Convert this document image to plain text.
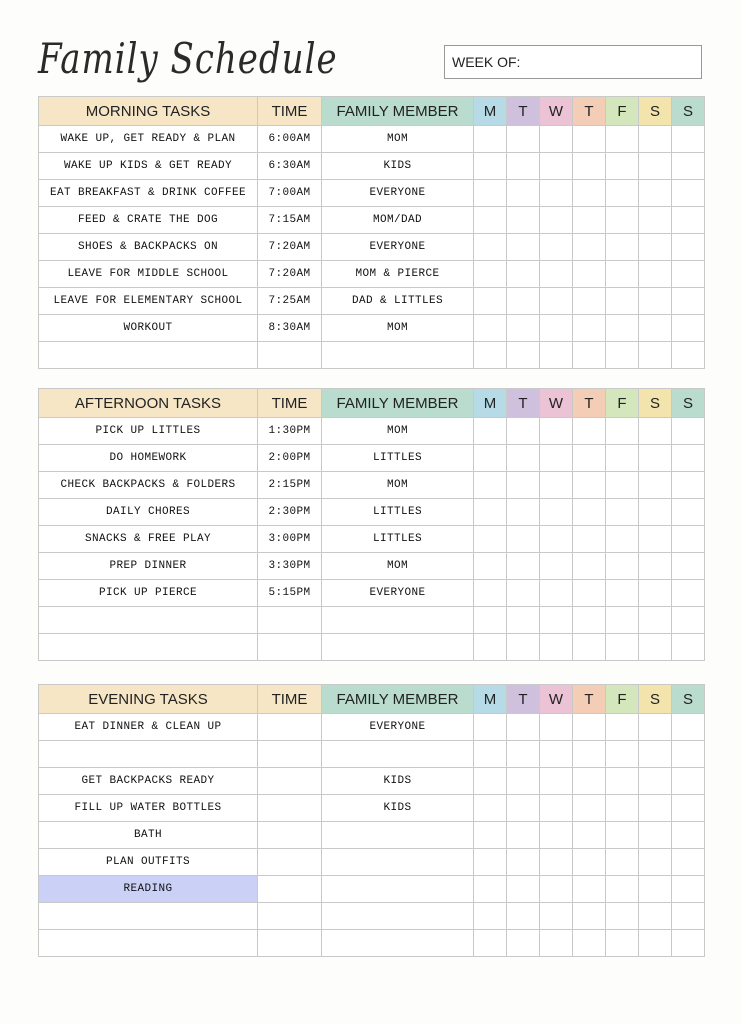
Family Schedule	WEEK OF:
MORNING TASKS	TIME	FAMILY MEMBER	M	T	W	T	F	S	S
WAKE UP, GET READY & PLAN	6:00AM	MOM							
WAKE UP KIDS & GET READY	6:30AM	KIDS							
EAT BREAKFAST & DRINK COFFEE	7:00AM	EVERYONE							
FEED & CRATE THE DOG	7:15AM	MOM/DAD							
SHOES & BACKPACKS ON	7:20AM	EVERYONE							
LEAVE FOR MIDDLE SCHOOL	7:20AM	MOM & PIERCE							
LEAVE FOR ELEMENTARY SCHOOL	7:25AM	DAD & LITTLES							
WORKOUT	8:30AM	MOM							

AFTERNOON TASKS	TIME	FAMILY MEMBER	M	T	W	T	F	S	S
PICK UP LITTLES	1:30PM	MOM							
DO HOMEWORK	2:00PM	LITTLES							
CHECK BACKPACKS & FOLDERS	2:15PM	MOM							
DAILY CHORES	2:30PM	LITTLES							
SNACKS & FREE PLAY	3:00PM	LITTLES							
PREP DINNER	3:30PM	MOM							
PICK UP PIERCE	5:15PM	EVERYONE							

EVENING TASKS	TIME	FAMILY MEMBER	M	T	W	T	F	S	S
EAT DINNER & CLEAN UP		EVERYONE							

GET BACKPACKS READY		KIDS							
FILL UP WATER BOTTLES		KIDS							
BATH									
PLAN OUTFITS									
READING									
